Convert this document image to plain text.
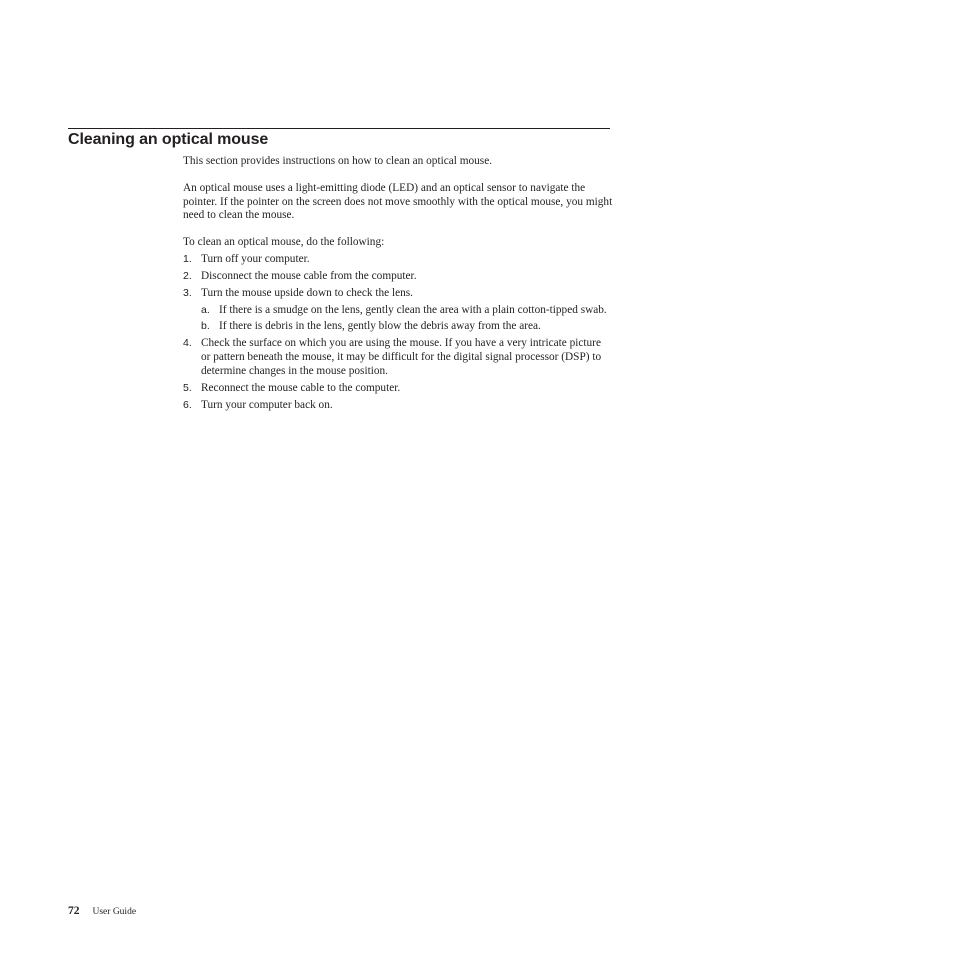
Cleaning an optical mouse

This section provides instructions on how to clean an optical mouse.

An optical mouse uses a light-emitting diode (LED) and an optical sensor to navigate the pointer. If the pointer on the screen does not move smoothly with the optical mouse, you might need to clean the mouse.

To clean an optical mouse, do the following:

1. Turn off your computer.
2. Disconnect the mouse cable from the computer.
3. Turn the mouse upside down to check the lens.
a. If there is a smudge on the lens, gently clean the area with a plain cotton-tipped swab.
b. If there is debris in the lens, gently blow the debris away from the area.
4. Check the surface on which you are using the mouse. If you have a very intricate picture or pattern beneath the mouse, it may be difficult for the digital signal processor (DSP) to determine changes in the mouse position.
5. Reconnect the mouse cable to the computer.
6. Turn your computer back on.
72 User Guide
